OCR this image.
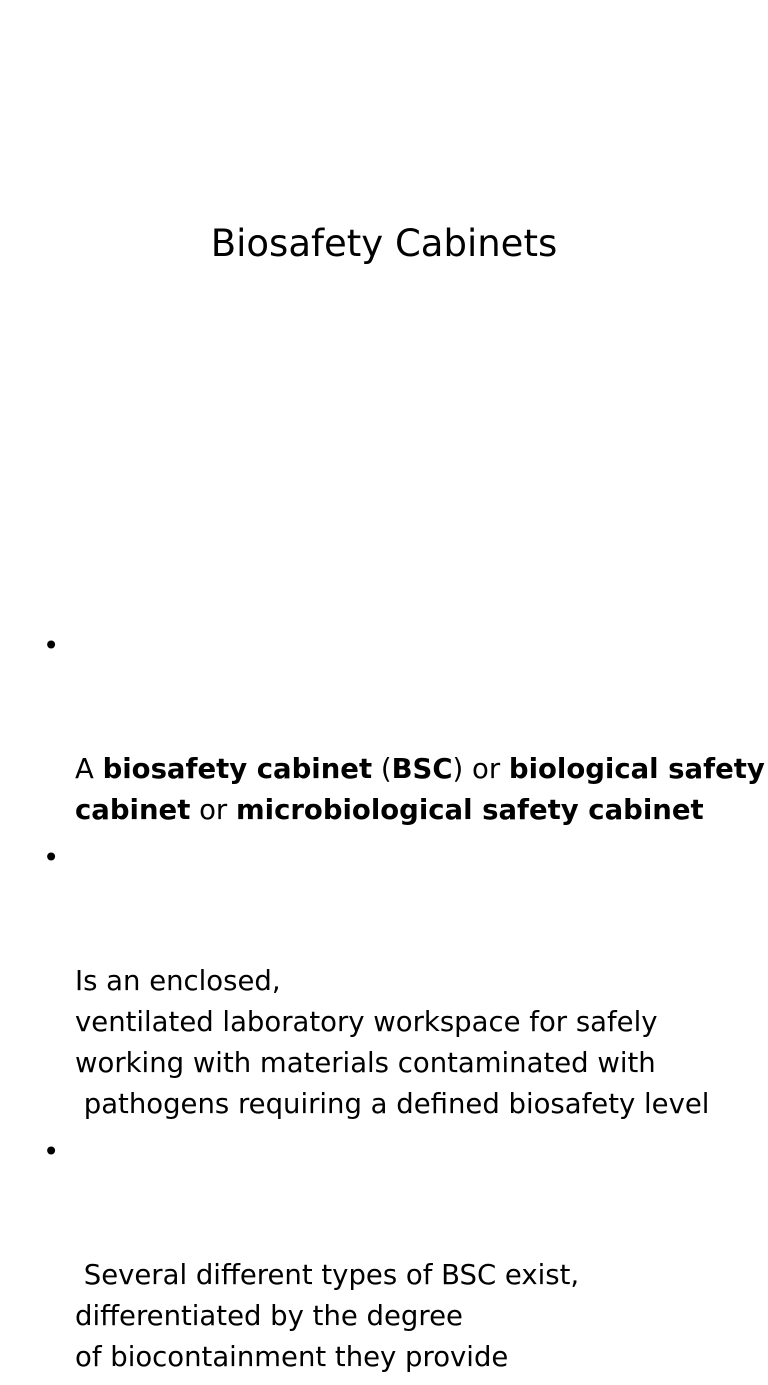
Biosafety Cabinets

•

A biosafety cabinet (BSC) or biological safety
cabinet or microbiological safety cabinet

•

Is an enclosed,
ventilated laboratory workspace for safely
working with materials contaminated with
pathogens requiring a defined biosafety level

•

Several different types of BSC exist,
differentiated by the degree
of biocontainment they provide
